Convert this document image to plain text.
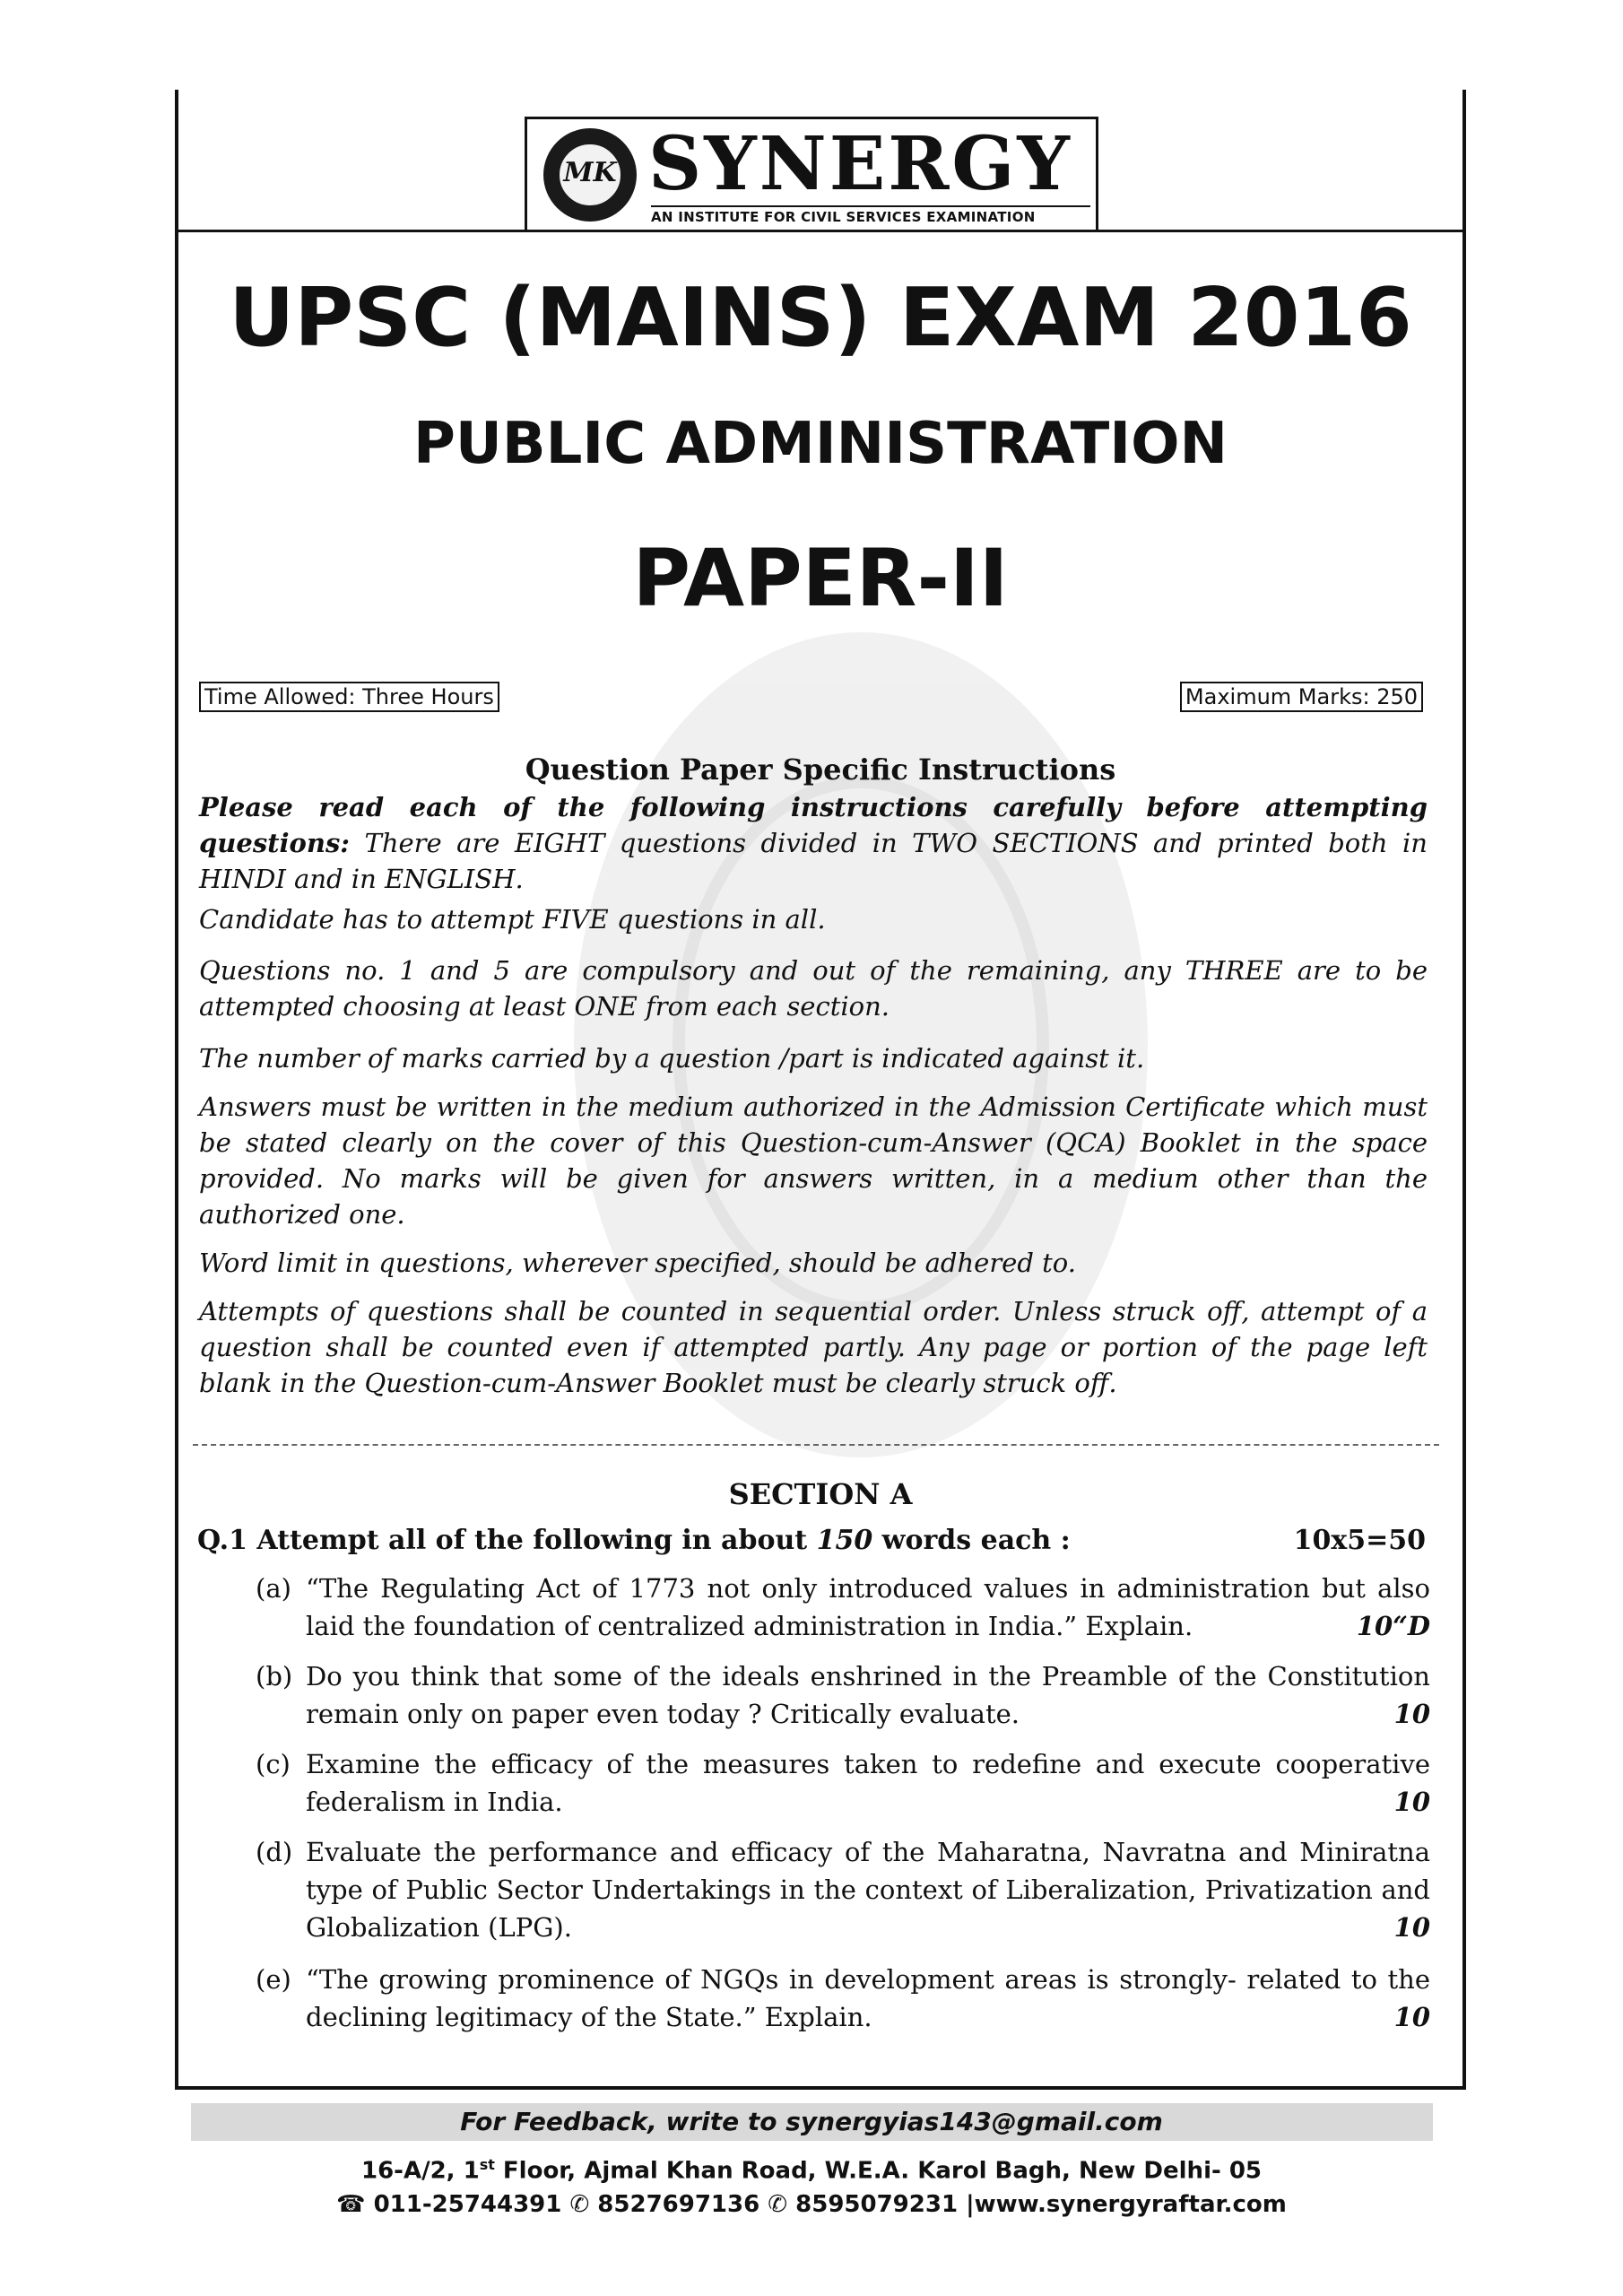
MK SYNERGY
AN INSTITUTE FOR CIVIL SERVICES EXAMINATION
UPSC (MAINS) EXAM 2016
PUBLIC ADMINISTRATION
PAPER-II
Time Allowed: Three Hours	Maximum Marks: 250
Question Paper Specific Instructions
Please read each of the following instructions carefully before attempting questions: There are EIGHT questions divided in TWO SECTIONS and printed both in HINDI and in ENGLISH.
Candidate has to attempt FIVE questions in all.
Questions no. 1 and 5 are compulsory and out of the remaining, any THREE are to be attempted choosing at least ONE from each section.
The number of marks carried by a question /part is indicated against it.
Answers must be written in the medium authorized in the Admission Certificate which must be stated clearly on the cover of this Question-cum-Answer (QCA) Booklet in the space provided. No marks will be given for answers written, in a medium other than the authorized one.
Word limit in questions, wherever specified, should be adhered to.
Attempts of questions shall be counted in sequential order. Unless struck off, attempt of a question shall be counted even if attempted partly. Any page or portion of the page left blank in the Question-cum-Answer Booklet must be clearly struck off.
SECTION A
Q.1 Attempt all of the following in about 150 words each :	10x5=50
(a) “The Regulating Act of 1773 not only introduced values in administration but also laid the foundation of centralized administration in India.” Explain.	10“D
(b) Do you think that some of the ideals enshrined in the Preamble of the Constitution remain only on paper even today ? Critically evaluate.	10
(c) Examine the efficacy of the measures taken to redefine and execute cooperative federalism in India.	10
(d) Evaluate the performance and efficacy of the Maharatna, Navratna and Miniratna type of Public Sector Undertakings in the context of Liberalization, Privatization and Globalization (LPG).	10
(e) “The growing prominence of NGQs in development areas is strongly- related to the declining legitimacy of the State.” Explain.	10
For Feedback, write to synergyias143@gmail.com
16-A/2, 1st Floor, Ajmal Khan Road, W.E.A. Karol Bagh, New Delhi- 05
☎ 011-25744391 ✆ 8527697136 ✆ 8595079231 |www.synergyraftar.com
